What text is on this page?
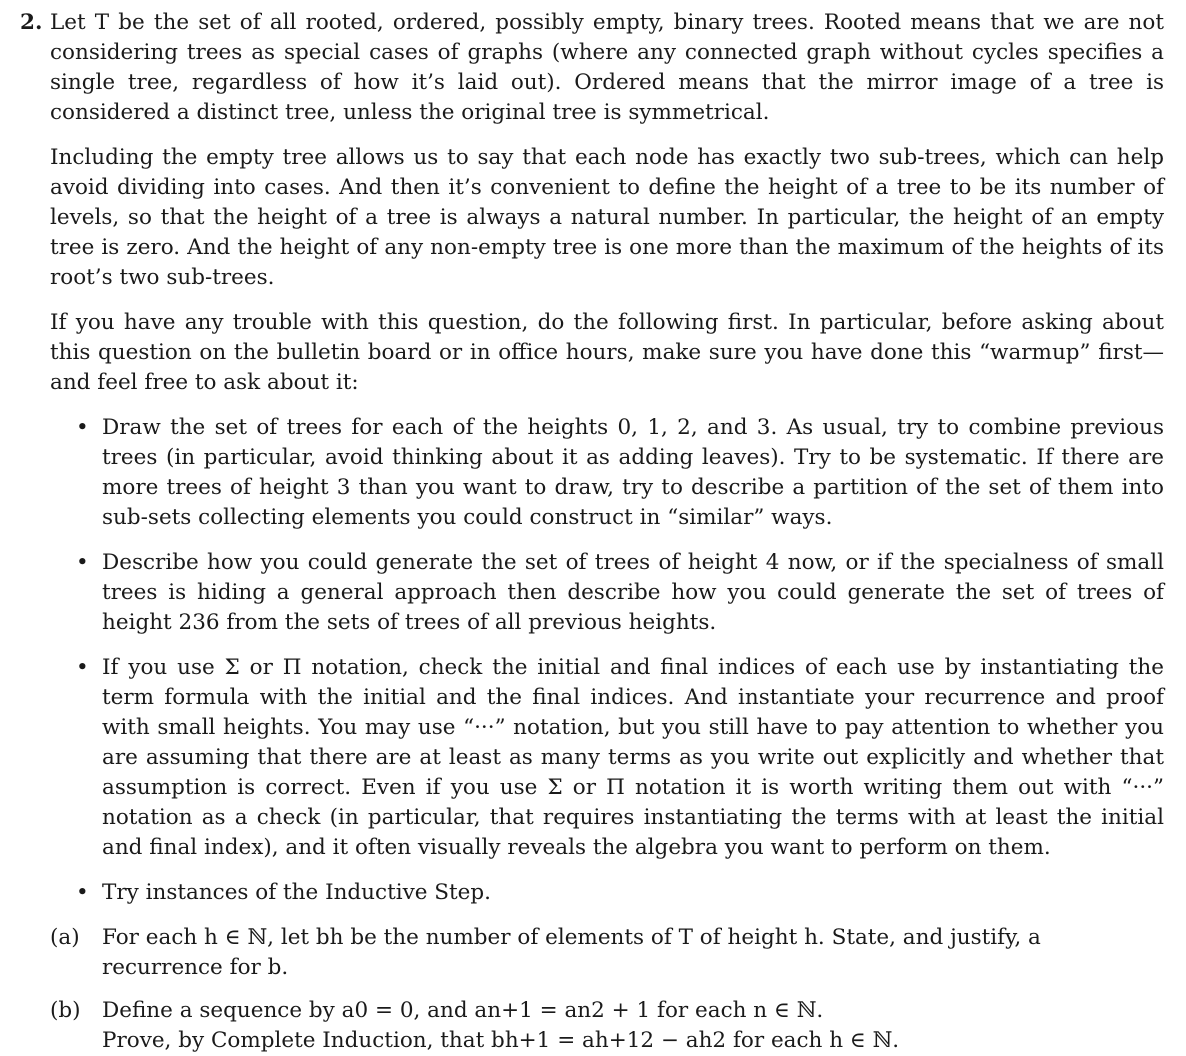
2. Let T be the set of all rooted, ordered, possibly empty, binary trees. Rooted means that we are not considering trees as special cases of graphs (where any connected graph without cycles specifies a single tree, regardless of how it’s laid out). Ordered means that the mirror image of a tree is considered a distinct tree, unless the original tree is symmetrical.

Including the empty tree allows us to say that each node has exactly two sub-trees, which can help avoid dividing into cases. And then it’s convenient to define the height of a tree to be its number of levels, so that the height of a tree is always a natural number. In particular, the height of an empty tree is zero. And the height of any non-empty tree is one more than the maximum of the heights of its root’s two sub-trees.

If you have any trouble with this question, do the following first. In particular, before asking about this question on the bulletin board or in office hours, make sure you have done this “warmup” first—and feel free to ask about it:

• Draw the set of trees for each of the heights 0, 1, 2, and 3. As usual, try to combine previous trees (in particular, avoid thinking about it as adding leaves). Try to be systematic. If there are more trees of height 3 than you want to draw, try to describe a partition of the set of them into sub-sets collecting elements you could construct in “similar” ways.
• Describe how you could generate the set of trees of height 4 now, or if the specialness of small trees is hiding a general approach then describe how you could generate the set of trees of height 236 from the sets of trees of all previous heights.
• If you use Σ or Π notation, check the initial and final indices of each use by instantiating the term formula with the initial and the final indices. And instantiate your recurrence and proof with small heights. You may use “···” notation, but you still have to pay attention to whether you are assuming that there are at least as many terms as you write out explicitly and whether that assumption is correct. Even if you use Σ or Π notation it is worth writing them out with “···” notation as a check (in particular, that requires instantiating the terms with at least the initial and final index), and it often visually reveals the algebra you want to perform on them.
• Try instances of the Inductive Step.
(a) For each h ∈ ℕ, let bh be the number of elements of T of height h. State, and justify, a recurrence for b.
(b) Define a sequence by a0 = 0, and an+1 = an2 + 1 for each n ∈ ℕ.
Prove, by Complete Induction, that bh+1 = ah+12 − ah2 for each h ∈ ℕ.
